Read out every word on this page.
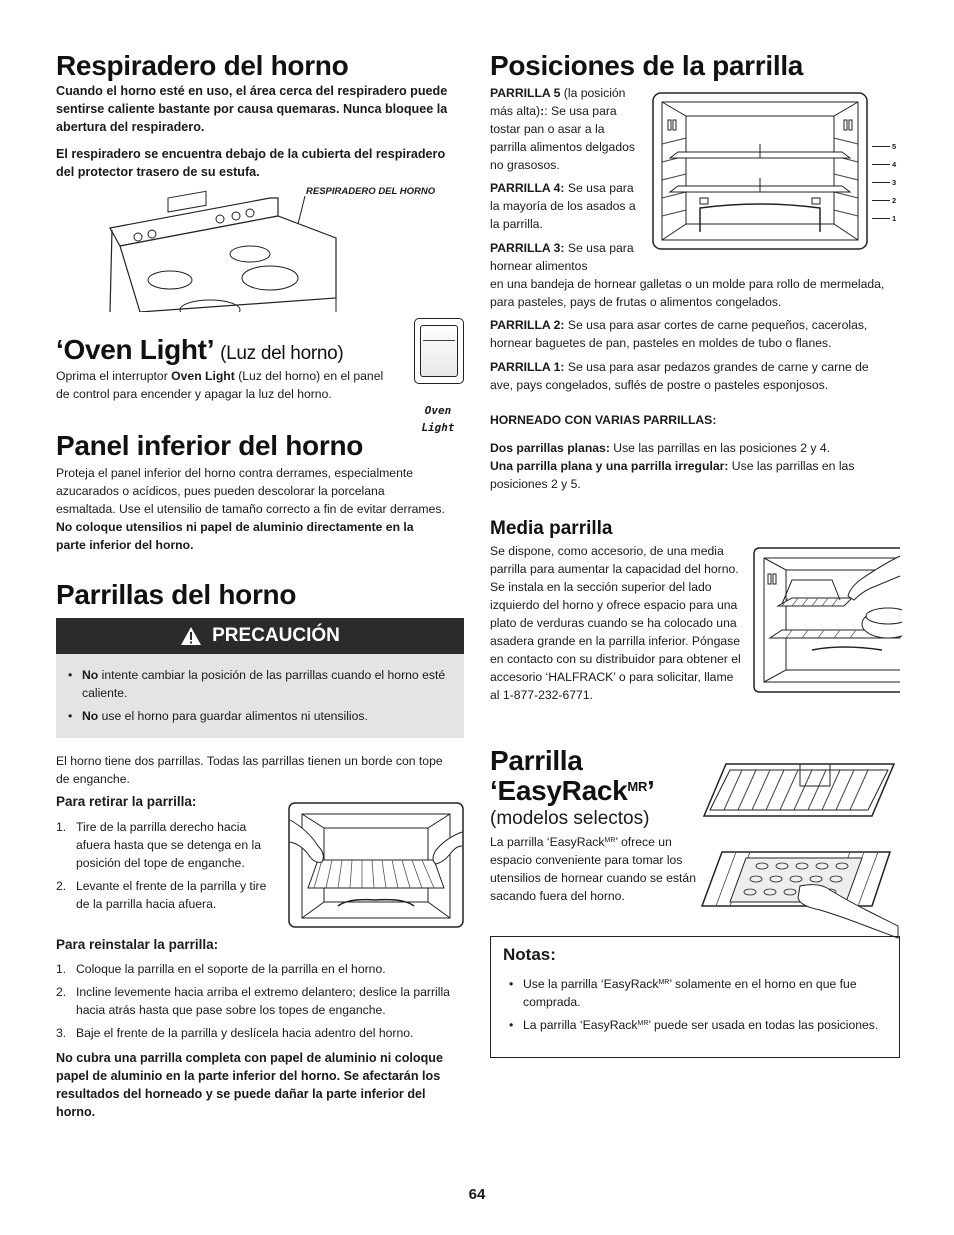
Respiradero del horno

Cuando el horno esté en uso, el área cerca del respiradero puede sentirse caliente bastante por causa quemaras. Nunca bloquee la abertura del respiradero.

El respiradero se encuentra debajo de la cubierta del respiradero del protector trasero de su estufa.

RESPIRADERO DEL HORNO
‘Oven Light’ (Luz del horno)

Oprima el interruptor Oven Light (Luz del horno) en el panel de control para encender y apagar la luz del horno.

Oven
Light
Panel inferior del horno

Proteja el panel inferior del horno contra derrames, especialmente azucarados o acídicos, pues pueden descolorar la porcelana esmaltada. Use el utensilio de tamaño correcto a fin de evitar derrames. No coloque utensilios ni papel de aluminio directamente en la parte inferior del horno.

Parrillas del horno
PRECAUCIÓN
• No intente cambiar la posición de las parrillas cuando el horno esté caliente.
• No use el horno para guardar alimentos ni utensilios.

El horno tiene dos parrillas. Todas las parrillas tienen un borde con tope de enganche.

Para retirar la parrilla:
1. Tire de la parrilla derecho hacia afuera hasta que se detenga en la posición del tope de enganche.
2. Levante el frente de la parrilla y tire de la parrilla hacia afuera.
Para reinstalar la parrilla:
1. Coloque la parrilla en el soporte de la parrilla en el horno.
2. Incline levemente hacia arriba el extremo delantero; deslice la parrilla hacia atrás hasta que pase sobre los topes de enganche.
3. Baje el frente de la parrilla y deslícela hacia adentro del horno.

No cubra una parrilla completa con papel de aluminio ni coloque papel de aluminio en la parte inferior del horno. Se afectarán los resultados del horneado y se puede dañar la parte inferior del horno.

Posiciones de la parrilla

PARRILLA 5 (la posición más alta):: Se usa para tostar pan o asar a la parrilla alimentos delgados no grasosos.

PARRILLA 4: Se usa para la mayoría de los asados a la parrilla.

PARRILLA 3: Se usa para hornear alimentos

en una bandeja de hornear galletas o un molde para rollo de mermelada, para pasteles, pays de frutas o alimentos congelados.

PARRILLA 2: Se usa para asar cortes de carne pequeños, cacerolas, hornear baguetes de pan, pasteles en moldes de tubo o flanes.

PARRILLA 1: Se usa para asar pedazos grandes de carne y carne de ave, pays congelados, suflés de postre o pasteles esponjosos.

5
4
3
2
1
HORNEADO CON VARIAS PARRILLAS:

Dos parrillas planas: Use las parrillas en las posiciones 2 y 4.
Una parrilla plana y una parrilla irregular: Use las parrillas en las posiciones 2 y 5.

Media parrilla

Se dispone, como accesorio, de una media parrilla para aumentar la capacidad del horno. Se instala en la sección superior del lado izquierdo del horno y ofrece espacio para una plato de verduras cuando se ha colocado una asadera grande en la parrilla inferior. Póngase en contacto con su distribuidor para obtener el accesorio ‘HALFRACK’ o para solicitar, llame al 1-877-232-6771.

Parrilla
‘EasyRack$^{MR}$’
(modelos selectos)

La parrilla ‘EasyRack$^{MR}$’ ofrece un espacio conveniente para tomar los utensilios de hornear cuando se están sacando fuera del horno.

Notas:
• Use la parrilla ‘EasyRack$^{MR}$’ solamente en el horno en que fue comprada.
• La parrilla ‘EasyRack$^{MR}$’ puede ser usada en todas las posiciones.
64
